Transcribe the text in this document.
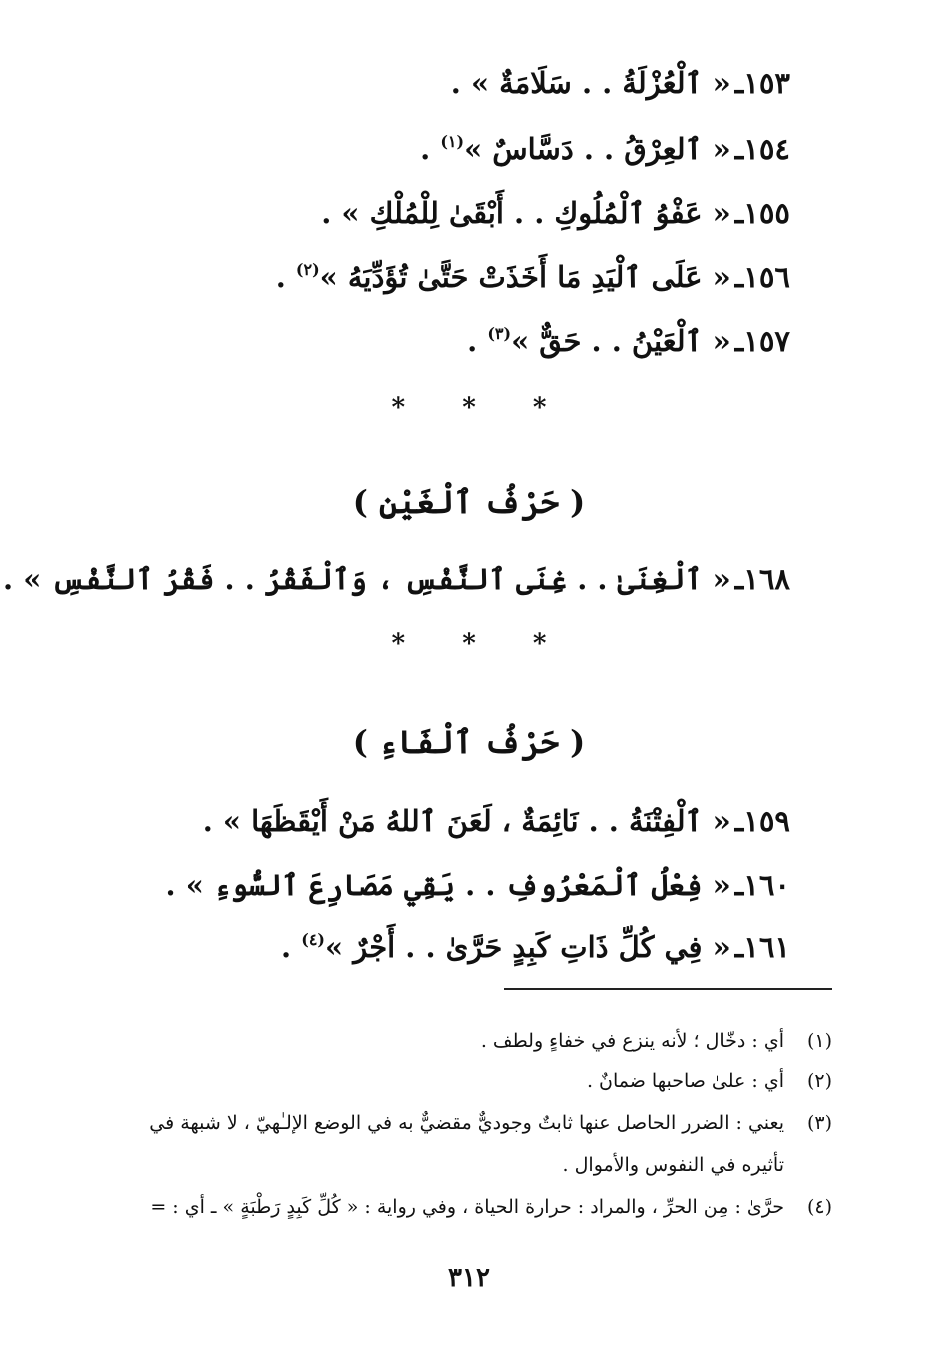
١٥٣ـ« ٱلْعُزْلَةُ . . سَلَامَةٌ » .
١٥٤ـ« ٱلعِرْقُ . . دَسَّاسٌ »$^{(١)}$ .
١٥٥ـ« عَفْوُ ٱلْمُلُوكِ . . أَبْقَىٰ لِلْمُلْكِ » .
١٥٦ـ« عَلَى ٱلْيَدِ مَا أَخَذَتْ حَتَّىٰ تُؤَدِّيَهُ »$^{(٢)}$ .
١٥٧ـ« ٱلْعَيْنُ . . حَقٌّ »$^{(٣)}$ .
* * *
( حَرْفُ ٱلْغَيْنِ )
١٦٨ـ« ٱلْغِنَىٰ . . غِنَى ٱلنَّفْسِ ، وَٱلْفَقْرُ . . فَقْرُ ٱلنَّفْسِ » .
* * *
( حَرْفُ ٱلْفَاءِ )
١٥٩ـ« ٱلْفِتْنَةُ . . نَائِمَةٌ ، لَعَنَ ٱللهُ مَنْ أَيْقَظَهَا » .
١٦٠ـ« فِعْلُ ٱلْمَعْرُوفِ . . يَقِي مَصَارِعَ ٱلسُّوءِ » .
١٦١ـ« فِي كُلِّ ذَاتِ كَبِدٍ حَرَّىٰ . . أَجْرٌ »$^{(٤)}$ .
(١)أي : دخّال ؛ لأنه ينزع في خفاءٍ ولطف .
(٢)أي : علىٰ صاحبها ضمانٌ .
(٣)يعني : الضرر الحاصل عنها ثابتٌ وجوديٌّ مقضيٌّ به في الوضع الإلـٰهيّ ، لا شبهة في
تأثيره في النفوس والأموال .
(٤)حرَّىٰ : مِن الحرِّ ، والمراد : حرارة الحياة ، وفي رواية : « كُلِّ كَبِدٍ رَطْبَةٍ » ـ أي : =
٣١٢
